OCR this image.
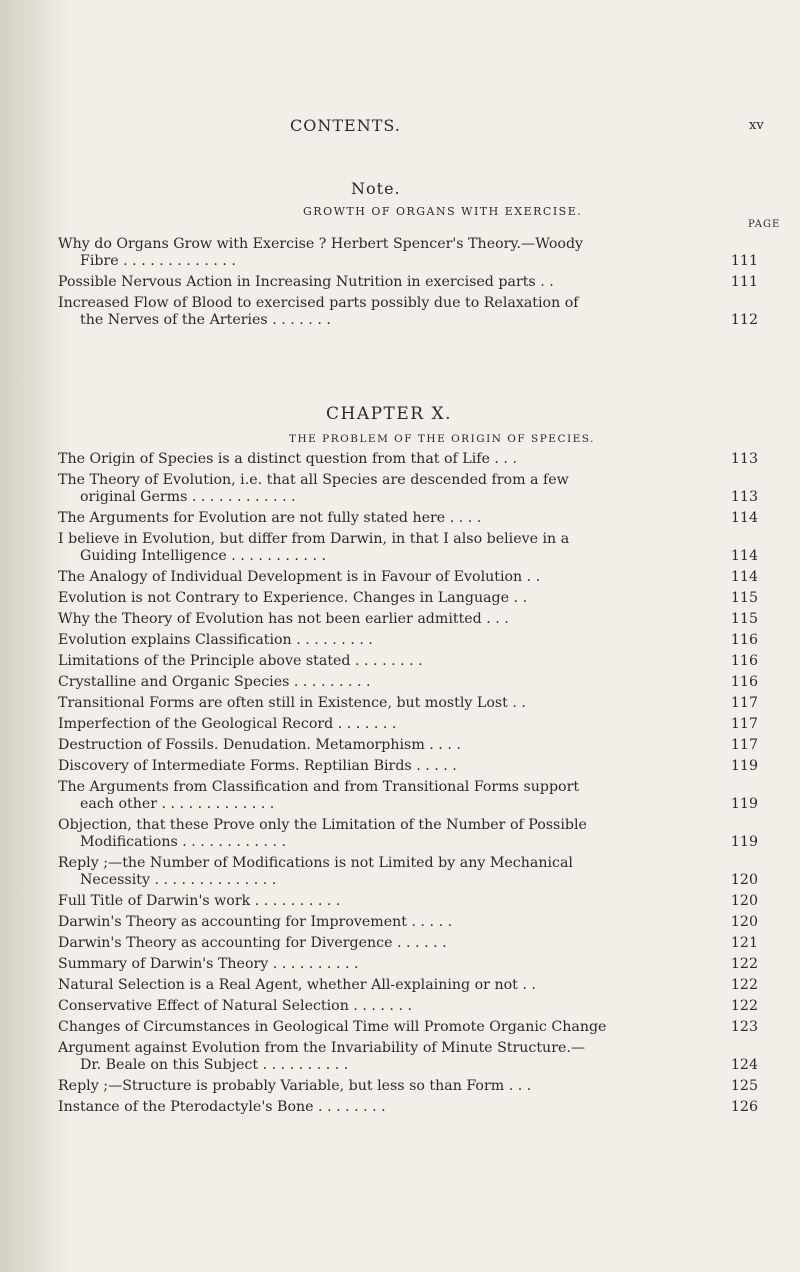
CONTENTS.	xv
Note.
GROWTH OF ORGANS WITH EXERCISE.
PAGE
Why do Organs Grow with Exercise ? Herbert Spencer's Theory.—Woody
Fibre . . . . . . . . . . . . .	111
Possible Nervous Action in Increasing Nutrition in exercised parts . .	111
Increased Flow of Blood to exercised parts possibly due to Relaxation of
the Nerves of the Arteries . . . . . . .	112
CHAPTER X.
THE PROBLEM OF THE ORIGIN OF SPECIES.
The Origin of Species is a distinct question from that of Life . . .	113
The Theory of Evolution, i.e. that all Species are descended from a few
original Germs . . . . . . . . . . . .	113
The Arguments for Evolution are not fully stated here . . . .	114
I believe in Evolution, but differ from Darwin, in that I also believe in a
Guiding Intelligence . . . . . . . . . . .	114
The Analogy of Individual Development is in Favour of Evolution . .	114
Evolution is not Contrary to Experience. Changes in Language . .	115
Why the Theory of Evolution has not been earlier admitted . . .	115
Evolution explains Classification . . . . . . . . .	116
Limitations of the Principle above stated . . . . . . . .	116
Crystalline and Organic Species . . . . . . . . .	116
Transitional Forms are often still in Existence, but mostly Lost . .	117
Imperfection of the Geological Record . . . . . . .	117
Destruction of Fossils. Denudation. Metamorphism . . . .	117
Discovery of Intermediate Forms. Reptilian Birds . . . . .	119
The Arguments from Classification and from Transitional Forms support
each other . . . . . . . . . . . . .	119
Objection, that these Prove only the Limitation of the Number of Possible
Modifications . . . . . . . . . . . .	119
Reply ;—the Number of Modifications is not Limited by any Mechanical
Necessity . . . . . . . . . . . . . .	120
Full Title of Darwin's work . . . . . . . . . .	120
Darwin's Theory as accounting for Improvement . . . . .	120
Darwin's Theory as accounting for Divergence . . . . . .	121
Summary of Darwin's Theory . . . . . . . . . .	122
Natural Selection is a Real Agent, whether All-explaining or not . .	122
Conservative Effect of Natural Selection . . . . . . .	122
Changes of Circumstances in Geological Time will Promote Organic Change	123
Argument against Evolution from the Invariability of Minute Structure.—
Dr. Beale on this Subject . . . . . . . . . .	124
Reply ;—Structure is probably Variable, but less so than Form . . .	125
Instance of the Pterodactyle's Bone . . . . . . . .	126
